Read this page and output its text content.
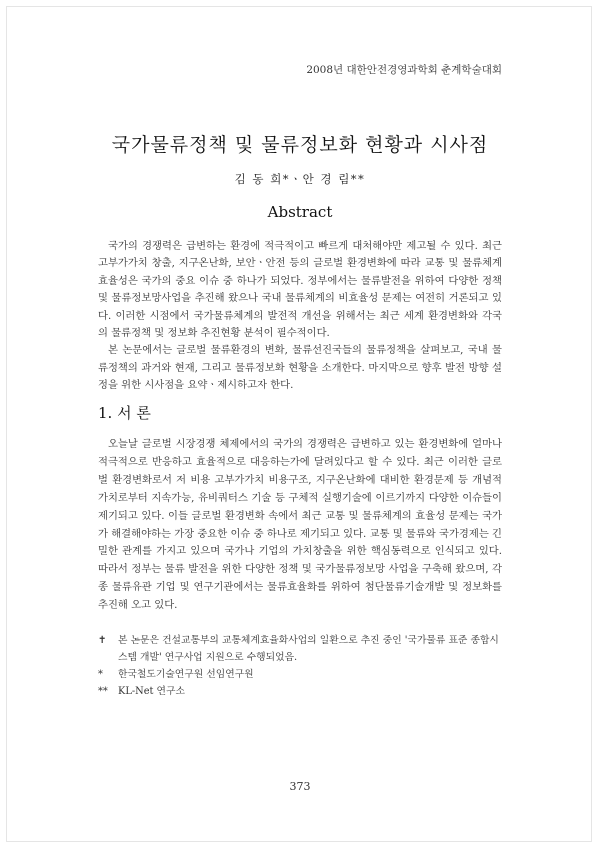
2008년 대한안전경영과학회 춘계학술대회
국가물류정책 및 물류정보화 현황과 시사점
김 동 희*ㆍ안 경 림**
Abstract

국가의 경쟁력은 급변하는 환경에 적극적이고 빠르게 대처해야만 제고될 수 있다. 최근 고부가가치 창출, 지구온난화, 보안ㆍ안전 등의 글로벌 환경변화에 따라 교통 및 물류체계 효율성은 국가의 중요 이슈 중 하나가 되었다. 정부에서는 물류발전을 위하여 다양한 정책 및 물류정보망사업을 추진해 왔으나 국내 물류체계의 비효율성 문제는 여전히 거론되고 있다. 이러한 시점에서 국가물류체계의 발전적 개선을 위해서는 최근 세계 환경변화와 각국의 물류정책 및 정보화 추진현황 분석이 필수적이다.

본 논문에서는 글로벌 물류환경의 변화, 물류선진국들의 물류정책을 살펴보고, 국내 물류정책의 과거와 현재, 그리고 물류정보화 현황을 소개한다. 마지막으로 향후 발전 방향 설정을 위한 시사점을 요약ㆍ제시하고자 한다.

1. 서 론

오늘날 글로벌 시장경쟁 체제에서의 국가의 경쟁력은 급변하고 있는 환경변화에 얼마나 적극적으로 반응하고 효율적으로 대응하는가에 달려있다고 할 수 있다. 최근 이러한 글로벌 환경변화로서 저 비용 고부가가치 비용구조, 지구온난화에 대비한 환경문제 등 개념적 가치로부터 지속가능, 유비쿼터스 기술 등 구체적 실행기술에 이르기까지 다양한 이슈들이 제기되고 있다. 이들 글로벌 환경변화 속에서 최근 교통 및 물류체계의 효율성 문제는 국가가 해결해야하는 가장 중요한 이슈 중 하나로 제기되고 있다. 교통 및 물류와 국가경제는 긴밀한 관계를 가지고 있으며 국가나 기업의 가치창출을 위한 핵심동력으로 인식되고 있다. 따라서 정부는 물류 발전을 위한 다양한 정책 및 국가물류정보망 사업을 구축해 왔으며, 각종 물류유관 기업 및 연구기관에서는 물류효율화를 위하여 첨단물류기술개발 및 정보화를 추진해 오고 있다.

✝	본 논문은 건설교통부의 교통체계효율화사업의 일환으로 추진 중인 '국가물류 표준 종합시스템 개발' 연구사업 지원으로 수행되었음.
*	한국철도기술연구원 선임연구원
**	KL-Net 연구소
373
